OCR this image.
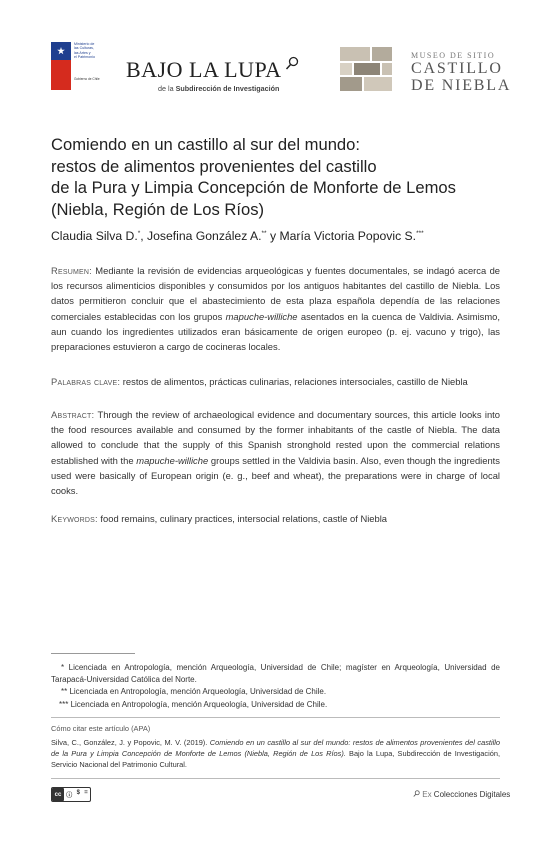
Ministerio de
las Culturas,
las Artes y
el Patrimonio
Gobierno de Chile BAJO LA LUPA
de la Subdirección de Investigación
MUSEO DE SITIO
CASTILLO
DE NIEBLA
Comiendo en un castillo al sur del mundo:
restos de alimentos provenientes del castillo
de la Pura y Limpia Concepción de Monforte de Lemos
(Niebla, Región de Los Ríos)
Claudia Silva D.*, Josefina González A.** y María Victoria Popovic S.***
Resumen: Mediante la revisión de evidencias arqueológicas y fuentes documentales, se indagó acerca de los recursos alimenticios disponibles y consumidos por los antiguos habitantes del castillo de Niebla. Los datos permitieron concluir que el abastecimiento de esta plaza española dependía de las relaciones comerciales establecidas con los grupos mapuche-williche asentados en la cuenca de Valdivia. Asimismo, aun cuando los ingredientes utilizados eran básicamente de origen europeo (p. ej. vacuno y trigo), las preparaciones estuvieron a cargo de cocineras locales.
Palabras clave: restos de alimentos, prácticas culinarias, relaciones intersociales, castillo de Niebla
Abstract: Through the review of archaeological evidence and documentary sources, this article looks into the food resources available and consumed by the former inhabitants of the castle of Niebla. The data allowed to conclude that the supply of this Spanish stronghold rested upon the commercial relations established with the mapuche-williche groups settled in the Valdivia basin. Also, even though the ingredients used were basically of European origin (e. g., beef and wheat), the preparations were in charge of local cooks.
Keywords: food remains, culinary practices, intersocial relations, castle of Niebla
* Licenciada en Antropología, mención Arqueología, Universidad de Chile; magíster en Arqueología, Universidad de Tarapacá-Universidad Católica del Norte.
** Licenciada en Antropología, mención Arqueología, Universidad de Chile.
*** Licenciada en Antropología, mención Arqueología, Universidad de Chile.
Cómo citar este artículo (APA)
Silva, C., González, J. y Popovic, M. V. (2019). Comiendo en un castillo al sur del mundo: restos de alimentos provenientes del castillo de la Pura y Limpia Concepción de Monforte de Lemos (Niebla, Región de Los Ríos). Bajo la Lupa, Subdirección de Investigación, Servicio Nacional del Patrimonio Cultural.
cc ⓘ $ =	Ex Colecciones Digitales
